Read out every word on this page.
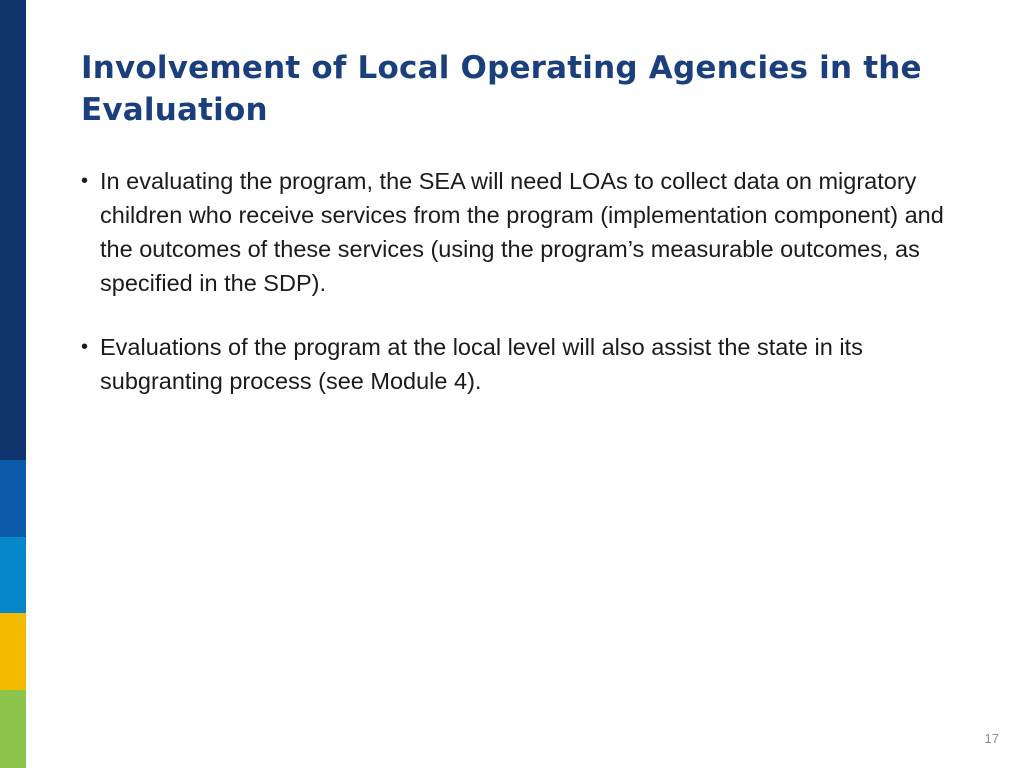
Involvement of Local Operating Agencies in the Evaluation
• In evaluating the program, the SEA will need LOAs to collect data on migratory children who receive services from the program (implementation component) and the outcomes of these services (using the program’s measurable outcomes, as specified in the SDP).
• Evaluations of the program at the local level will also assist the state in its subgranting process (see Module 4).
17
